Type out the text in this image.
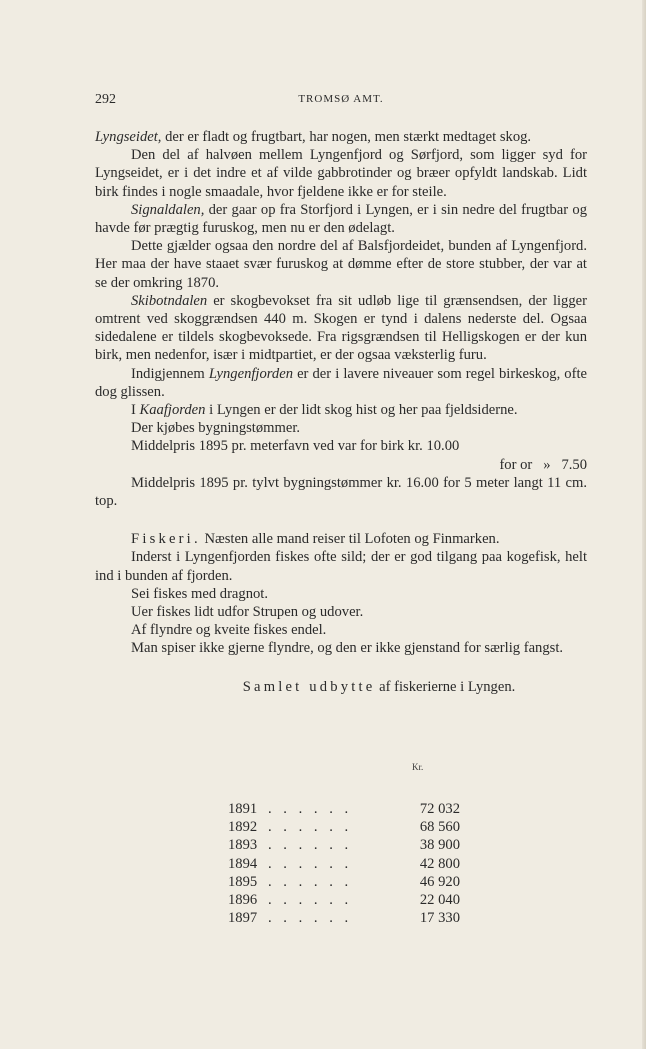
292	TROMSØ AMT.

Lyngseidet, der er fladt og frugtbart, har nogen, men stærkt medtaget skog.

Den del af halvøen mellem Lyngenfjord og Sørfjord, som ligger syd for Lyngseidet, er i det indre et af vilde gabbrotinder og bræer opfyldt landskab. Lidt birk findes i nogle smaadale, hvor fjeldene ikke er for steile.

Signaldalen, der gaar op fra Storfjord i Lyngen, er i sin nedre del frugtbar og havde før prægtig furuskog, men nu er den ødelagt.

Dette gjælder ogsaa den nordre del af Balsfjordeidet, bunden af Lyngenfjord. Her maa der have staaet svær furuskog at dømme efter de store stubber, der var at se der omkring 1870.

Skibotndalen er skogbevokset fra sit udløb lige til grænsendsen, der ligger omtrent ved skoggrændsen 440 m. Skogen er tynd i dalens nederste del. Ogsaa sidedalene er tildels skogbevoksede. Fra rigsgrændsen til Helligskogen er der kun birk, men nedenfor, især i midtpartiet, er der ogsaa væksterlig furu.

Indigjennem Lyngenfjorden er der i lavere niveauer som regel birkeskog, ofte dog glissen.

I Kaafjorden i Lyngen er der lidt skog hist og her paa fjeldsiderne.

Der kjøbes bygningstømmer.

Middelpris 1895 pr. meterfavn ved var for birk kr. 10.00

for or   »   7.50

Middelpris 1895 pr. tylvt bygningstømmer kr. 16.00 for 5 meter langt 11 cm. top.

Fiskeri. Næsten alle mand reiser til Lofoten og Finmarken.

Inderst i Lyngenfjorden fiskes ofte sild; der er god tilgang paa kogefisk, helt ind i bunden af fjorden.

Sei fiskes med dragnot.

Uer fiskes lidt udfor Strupen og udover.

Af flyndre og kveite fiskes endel.

Man spiser ikke gjerne flyndre, og den er ikke gjenstand for særlig fangst.

Samlet udbytte af fiskerierne i Lyngen.

Kr.
1891 . . . . . .	72 032
1892 . . . . . .	68 560
1893 . . . . . .	38 900
1894 . . . . . .	42 800
1895 . . . . . .	46 920
1896 . . . . . .	22 040
1897 . . . . . .	17 330
